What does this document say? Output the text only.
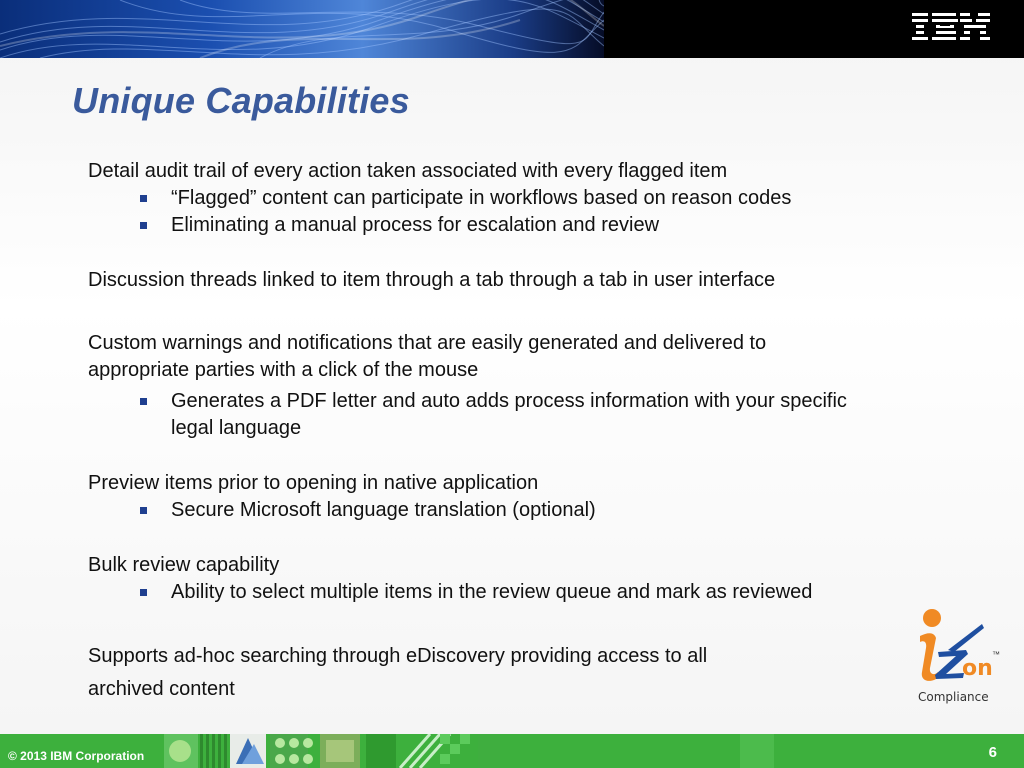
Unique Capabilities

Detail audit trail of every action taken associated with every flagged item

“Flagged” content can participate in workflows based on reason codes
Eliminating a manual process for escalation and review

Discussion threads linked to item through a tab through a tab in user interface

Custom warnings and notifications that are easily generated and delivered to

appropriate parties with a click of the mouse

Generates a PDF letter and auto adds process information with your specific
legal language

Preview items prior to opening in native application

Secure Microsoft language translation (optional)

Bulk review capability

Ability to select multiple items in the review queue and mark as reviewed

Supports ad-hoc searching through eDiscovery providing access to all

archived content

on
™
Compliance
© 2013 IBM Corporation	6
